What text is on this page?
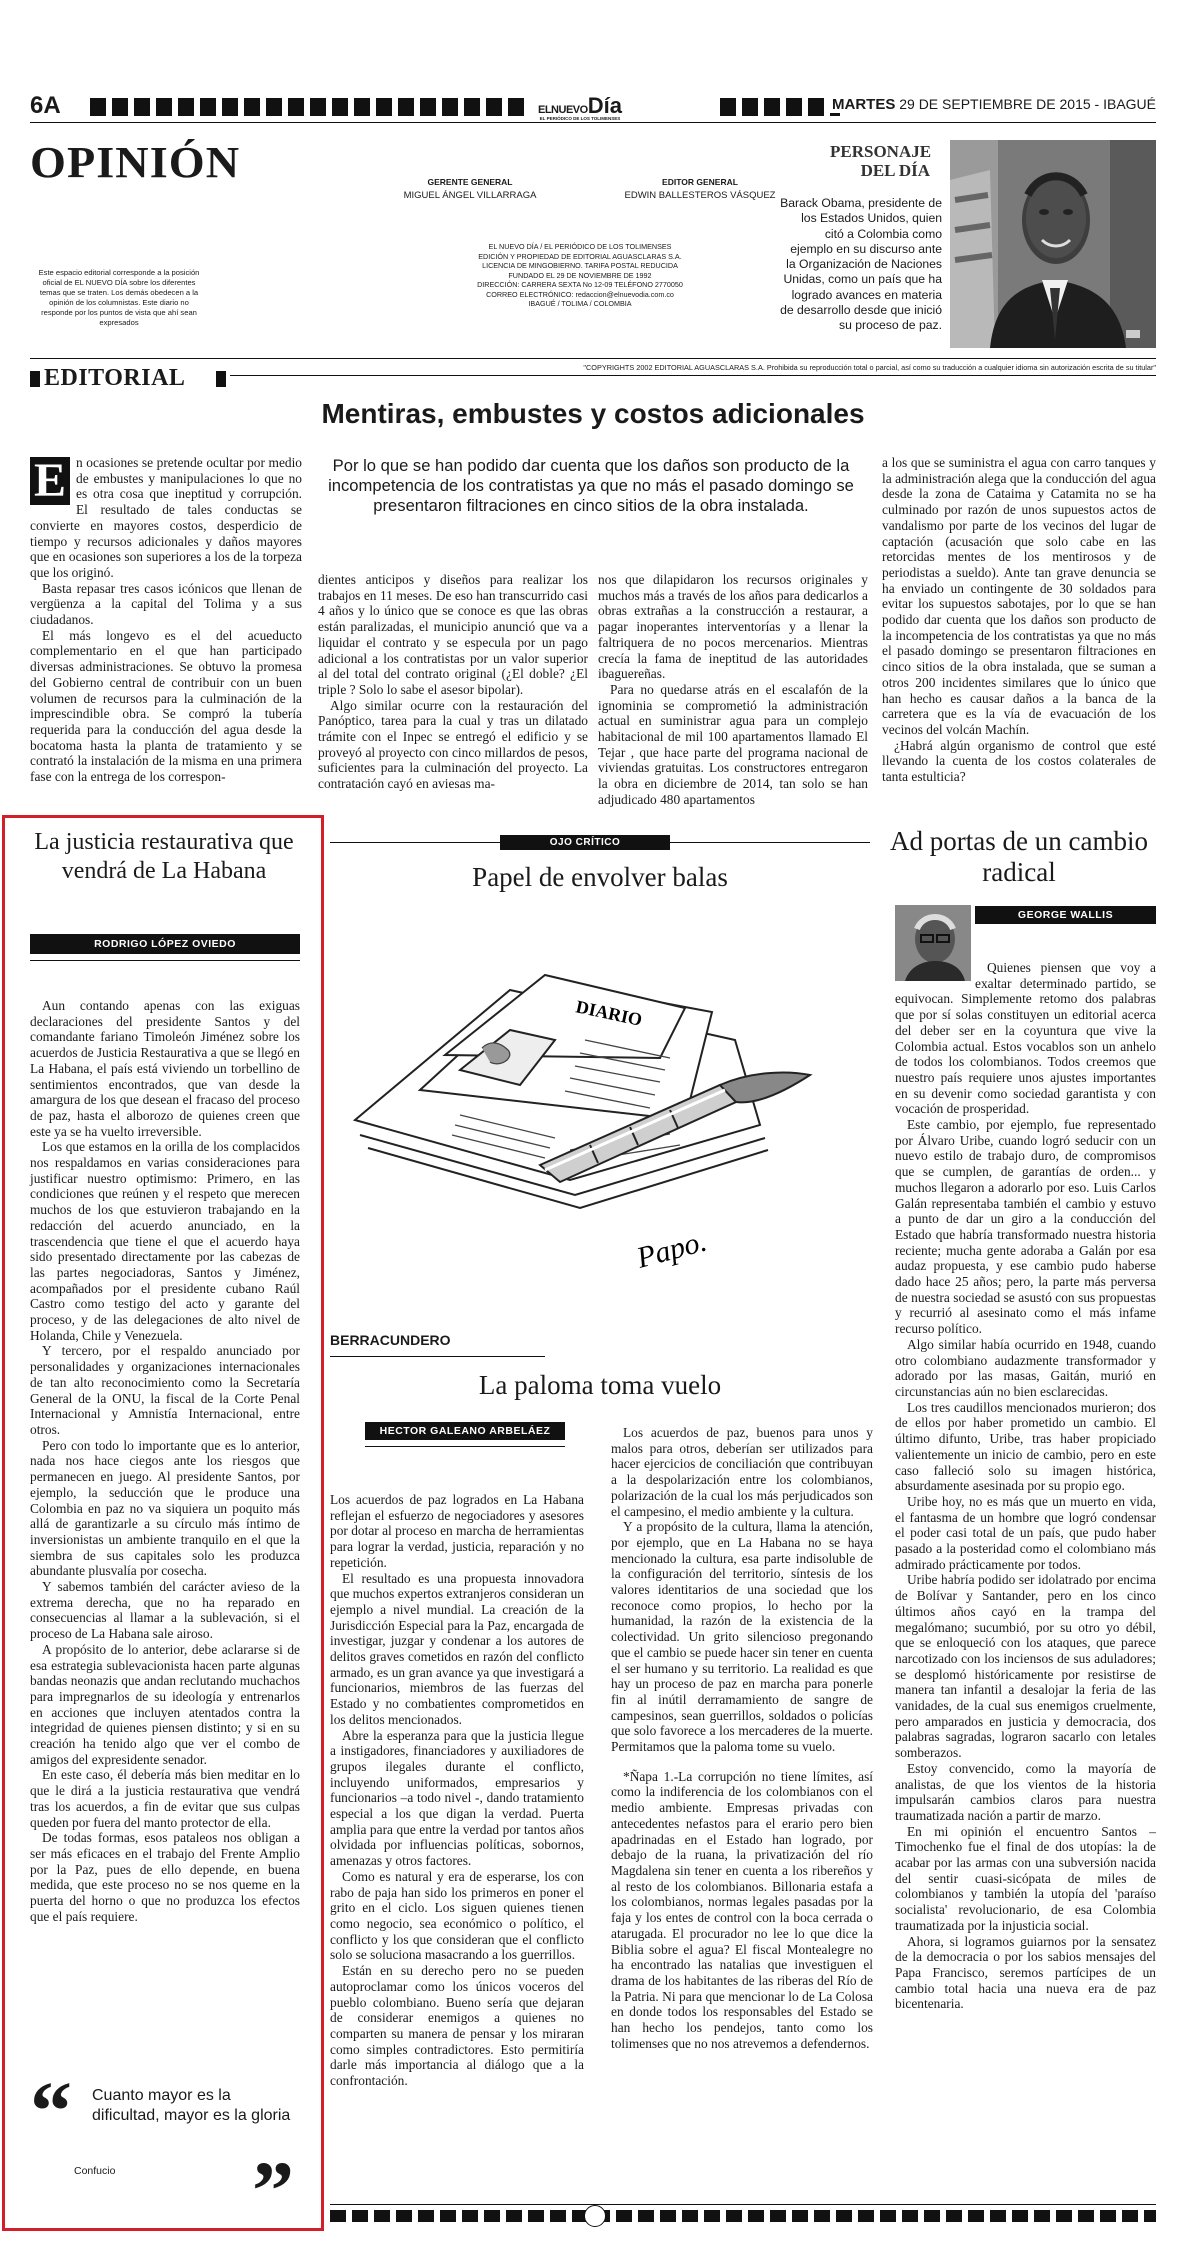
6A	ELNUEVODía
EL PERIÓDICO DE LOS TOLIMENSES
MARTES 29 DE SEPTIEMBRE DE 2015 - IBAGUÉ
OPINIÓN	GERENTE GENERAL
MIGUEL ÁNGEL VILLARRAGA
EDITOR GENERAL
EDWIN BALLESTEROS VÁSQUEZ
EL NUEVO DÍA / EL PERIÓDICO DE LOS TOLIMENSES
EDICIÓN Y PROPIEDAD DE EDITORIAL AGUASCLARAS S.A.
LICENCIA DE MINGOBIERNO. TARIFA POSTAL REDUCIDA
FUNDADO EL 29 DE NOVIEMBRE DE 1992
DIRECCIÓN: CARRERA SEXTA No 12-09 TELÉFONO 2770050
CORREO ELECTRÓNICO: redaccion@elnuevodia.com.co
IBAGUÉ / TOLIMA / COLOMBIA
Este espacio editorial corresponde a la posición oficial de EL NUEVO DÍA sobre los diferentes temas que se traten. Los demás obedecen a la opinión de los columnistas. Este diario no responde por los puntos de vista que ahí sean expresados
PERSONAJE
DEL DÍA
Barack Obama, presidente de los Estados Unidos, quien citó a Colombia como ejemplo en su discurso ante la Organización de Naciones Unidas, como un país que ha logrado avances en materia de desarrollo desde que inició su proceso de paz.
EDITORIAL	"COPYRIGHTS 2002 EDITORIAL AGUASCLARAS S.A. Prohibida su reproducción total o parcial, así como su traducción a cualquier idioma sin autorización escrita de su titular"
Mentiras, embustes y costos adicionales
E n ocasiones se pretende ocultar por medio de embustes y manipulaciones lo que no es otra cosa que ineptitud y corrupción. El resultado de tales conductas se convierte en mayores costos, desperdicio de tiempo y recursos adicionales y daños mayores que en ocasiones son superiores a los de la torpeza que los originó.

Basta repasar tres casos icónicos que llenan de vergüenza a la capital del Tolima y a sus ciudadanos.

El más longevo es el del acueducto complementario en el que han participado diversas administraciones. Se obtuvo la promesa del Gobierno central de contribuir con un buen volumen de recursos para la culminación de la imprescindible obra. Se compró la tubería requerida para la conducción del agua desde la bocatoma hasta la planta de tratamiento y se contrató la instalación de la misma en una primera fase con la entrega de los correspon-

Por lo que se han podido dar cuenta que los daños son producto de la incompetencia de los contratistas ya que no más el pasado domingo se presentaron filtraciones en cinco sitios de la obra instalada.

dientes anticipos y diseños para realizar los trabajos en 11 meses. De eso han transcurrido casi 4 años y lo único que se conoce es que las obras están paralizadas, el municipio anunció que va a liquidar el contrato y se especula por un pago adicional a los contratistas por un valor superior al del total del contrato original (¿El doble? ¿El triple ? Solo lo sabe el asesor bipolar).

Algo similar ocurre con la restauración del Panóptico, tarea para la cual y tras un dilatado trámite con el Inpec se entregó el edificio y se proveyó al proyecto con cinco millardos de pesos, suficientes para la culminación del proyecto. La contratación cayó en aviesas ma-

nos que dilapidaron los recursos originales y muchos más a través de los años para dedicarlos a obras extrañas a la construcción a restaurar, a pagar inoperantes interventorías y a llenar la faltriquera de no pocos mercenarios. Mientras crecía la fama de ineptitud de las autoridades ibaguereñas.

Para no quedarse atrás en el escalafón de la ignominia se comprometió la administración actual en suministrar agua para un complejo habitacional de mil 100 apartamentos llamado El Tejar , que hace parte del programa nacional de viviendas gratuitas. Los constructores entregaron la obra en diciembre de 2014, tan solo se han adjudicado 480 apartamentos

a los que se suministra el agua con carro tanques y la administración alega que la conducción del agua desde la zona de Cataima y Catamita no se ha culminado por razón de unos supuestos actos de vandalismo por parte de los vecinos del lugar de captación (acusación que solo cabe en las retorcidas mentes de los mentirosos y de periodistas a sueldo). Ante tan grave denuncia se ha enviado un contingente de 30 soldados para evitar los supuestos sabotajes, por lo que se han podido dar cuenta que los daños son producto de la incompetencia de los contratistas ya que no más el pasado domingo se presentaron filtraciones en cinco sitios de la obra instalada, que se suman a otros 200 incidentes similares que lo único que han hecho es causar daños a la banca de la carretera que es la vía de evacuación de los vecinos del volcán Machín.

¿Habrá algún organismo de control que esté llevando la cuenta de los costos colaterales de tanta estulticia?

La justicia restaurativa que vendrá de La Habana
RODRIGO LÓPEZ OVIEDO

Aun contando apenas con las exiguas declaraciones del presidente Santos y del comandante fariano Timoleón Jiménez sobre los acuerdos de Justicia Restaurativa a que se llegó en La Habana, el país está viviendo un torbellino de sentimientos encontrados, que van desde la amargura de los que desean el fracaso del proceso de paz, hasta el alborozo de quienes creen que este ya se ha vuelto irreversible.

Los que estamos en la orilla de los complacidos nos respaldamos en varias consideraciones para justificar nuestro optimismo: Primero, en las condiciones que reúnen y el respeto que merecen muchos de los que estuvieron trabajando en la redacción del acuerdo anunciado, en la trascendencia que tiene el que el acuerdo haya sido presentado directamente por las cabezas de las partes negociadoras, Santos y Jiménez, acompañados por el presidente cubano Raúl Castro como testigo del acto y garante del proceso, y de las delegaciones de alto nivel de Holanda, Chile y Venezuela.

Y tercero, por el respaldo anunciado por personalidades y organizaciones internacionales de tan alto reconocimiento como la Secretaría General de la ONU, la fiscal de la Corte Penal Internacional y Amnistía Internacional, entre otros.

Pero con todo lo importante que es lo anterior, nada nos hace ciegos ante los riesgos que permanecen en juego. Al presidente Santos, por ejemplo, la seducción que le produce una Colombia en paz no va siquiera un poquito más allá de garantizarle a su círculo más íntimo de inversionistas un ambiente tranquilo en el que la siembra de sus capitales solo les produzca abundante plusvalía por cosecha.

Y sabemos también del carácter avieso de la extrema derecha, que no ha reparado en consecuencias al llamar a la sublevación, si el proceso de La Habana sale airoso.

A propósito de lo anterior, debe aclararse si de esa estrategia sublevacionista hacen parte algunas bandas neonazis que andan reclutando muchachos para impregnarlos de su ideología y entrenarlos en acciones que incluyen atentados contra la integridad de quienes piensen distinto; y si en su creación ha tenido algo que ver el combo de amigos del expresidente senador.

En este caso, él debería más bien meditar en lo que le dirá a la justicia restaurativa que vendrá tras los acuerdos, a fin de evitar que sus culpas queden por fuera del manto protector de ella.

De todas formas, esos pataleos nos obligan a ser más eficaces en el trabajo del Frente Amplio por la Paz, pues de ello depende, en buena medida, que este proceso no se nos queme en la puerta del horno o que no produzca los efectos que el país requiere.

“ Cuanto mayor es la dificultad, mayor es la gloria
Confucio ”
OJO CRÍTICO
Papel de envolver balas
DIARIO
Papo.
BERRACUNDERO
La paloma toma vuelo
HECTOR GALEANO ARBELÁEZ

Los acuerdos de paz logrados en La Habana reflejan el esfuerzo de negociadores y asesores por dotar al proceso en marcha de herramientas para lograr la verdad, justicia, reparación y no repetición.

El resultado es una propuesta innovadora que muchos expertos extranjeros consideran un ejemplo a nivel mundial. La creación de la Jurisdicción Especial para la Paz, encargada de investigar, juzgar y condenar a los autores de delitos graves cometidos en razón del conflicto armado, es un gran avance ya que investigará a funcionarios, miembros de las fuerzas del Estado y no combatientes comprometidos en los delitos mencionados.

Abre la esperanza para que la justicia llegue a instigadores, financiadores y auxiliadores de grupos ilegales durante el conflicto, incluyendo uniformados, empresarios y funcionarios –a todo nivel -, dando tratamiento especial a los que digan la verdad. Puerta amplia para que entre la verdad por tantos años olvidada por influencias políticas, sobornos, amenazas y otros factores.

Como es natural y era de esperarse, los con rabo de paja han sido los primeros en poner el grito en el ciclo. Los siguen quienes tienen como negocio, sea económico o político, el conflicto y los que consideran que el conflicto solo se soluciona masacrando a los guerrillos.

Están en su derecho pero no se pueden autoproclamar como los únicos voceros del pueblo colombiano. Bueno sería que dejaran de considerar enemigos a quienes no comparten su manera de pensar y los miraran como simples contradictores. Esto permitiría darle más importancia al diálogo que a la confrontación.

Los acuerdos de paz, buenos para unos y malos para otros, deberían ser utilizados para hacer ejercicios de conciliación que contribuyan a la despolarización entre los colombianos, polarización de la cual los más perjudicados son el campesino, el medio ambiente y la cultura.

Y a propósito de la cultura, llama la atención, por ejemplo, que en La Habana no se haya mencionado la cultura, esa parte indisoluble de la configuración del territorio, síntesis de los valores identitarios de una sociedad que los reconoce como propios, lo hecho por la humanidad, la razón de la existencia de la colectividad. Un grito silencioso pregonando que el cambio se puede hacer sin tener en cuenta el ser humano y su territorio. La realidad es que hay un proceso de paz en marcha para ponerle fin al inútil derramamiento de sangre de campesinos, sean guerrillos, soldados o policías que solo favorece a los mercaderes de la muerte. Permitamos que la paloma tome su vuelo.

*Ñapa 1.-La corrupción no tiene límites, así como la indiferencia de los colombianos con el medio ambiente. Empresas privadas con antecedentes nefastos para el erario pero bien apadrinadas en el Estado han logrado, por debajo de la ruana, la privatización del río Magdalena sin tener en cuenta a los ribereños y al resto de los colombianos. Billonaria estafa a los colombianos, normas legales pasadas por la faja y los entes de control con la boca cerrada o atarugada. El procurador no lee lo que dice la Biblia sobre el agua? El fiscal Montealegre no ha encontrado las natalias que investiguen el drama de los habitantes de las riberas del Río de la Patria. Ni para que mencionar lo de La Colosa en donde todos los responsables del Estado se han hecho los pendejos, tanto como los tolimenses que no nos atrevemos a defendernos.

Ad portas de un cambio radical
GEORGE WALLIS

Quienes piensen que voy a exaltar determinado partido, se equivocan. Simplemente retomo dos palabras que por sí solas constituyen un editorial acerca del deber ser en la coyuntura que vive la Colombia actual. Estos vocablos son un anhelo de todos los colombianos. Todos creemos que nuestro país requiere unos ajustes importantes en su devenir como sociedad garantista y con vocación de prosperidad.

Este cambio, por ejemplo, fue representado por Álvaro Uribe, cuando logró seducir con un nuevo estilo de trabajo duro, de compromisos que se cumplen, de garantías de orden... y muchos llegaron a adorarlo por eso. Luis Carlos Galán representaba también el cambio y estuvo a punto de dar un giro a la conducción del Estado que habría transformado nuestra historia reciente; mucha gente adoraba a Galán por esa audaz propuesta, y ese cambio pudo haberse dado hace 25 años; pero, la parte más perversa de nuestra sociedad se asustó con sus propuestas y recurrió al asesinato como el más infame recurso político.

Algo similar había ocurrido en 1948, cuando otro colombiano audazmente transformador y adorado por las masas, Gaitán, murió en circunstancias aún no bien esclarecidas.

Los tres caudillos mencionados murieron; dos de ellos por haber prometido un cambio. El último difunto, Uribe, tras haber propiciado valientemente un inicio de cambio, pero en este caso falleció solo su imagen histórica, absurdamente asesinada por su propio ego.

Uribe hoy, no es más que un muerto en vida, el fantasma de un hombre que logró condensar el poder casi total de un país, que pudo haber pasado a la posteridad como el colombiano más admirado prácticamente por todos.

Uribe habría podido ser idolatrado por encima de Bolívar y Santander, pero en los cinco últimos años cayó en la trampa del megalómano; sucumbió, por su otro yo débil, que se enloqueció con los ataques, que parece narcotizado con los inciensos de sus aduladores; se desplomó históricamente por resistirse de manera tan infantil a desalojar la feria de las vanidades, de la cual sus enemigos cruelmente, pero amparados en justicia y democracia, dos palabras sagradas, lograron sacarlo con letales somberazos.

Estoy convencido, como la mayoría de analistas, de que los vientos de la historia impulsarán cambios claros para nuestra traumatizada nación a partir de marzo.

En mi opinión el encuentro Santos – Timochenko fue el final de dos utopías: la de acabar por las armas con una subversión nacida del sentir cuasi-sicópata de miles de colombianos y también la utopía del 'paraíso socialista' revolucionario, de esa Colombia traumatizada por la injusticia social.

Ahora, si logramos guiarnos por la sensatez de la democracia o por los sabios mensajes del Papa Francisco, seremos partícipes de un cambio total hacia una nueva era de paz bicentenaria.
